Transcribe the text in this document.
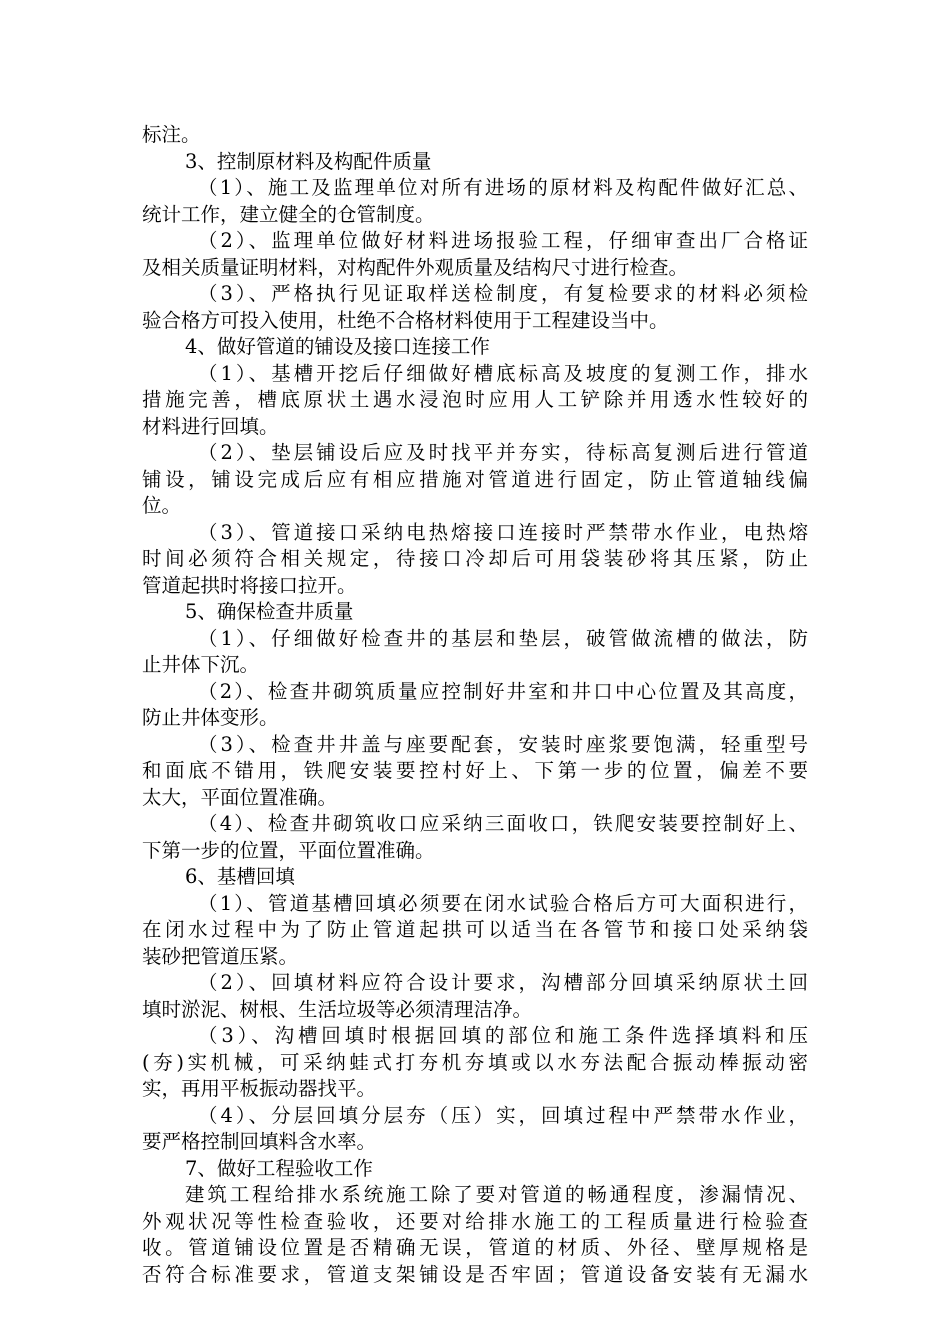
标注。
3、控制原材料及构配件质量
（1）、施工及监理单位对所有进场的原材料及构配件做好汇总、
统计工作，建立健全的仓管制度。
（2）、监理单位做好材料进场报验工程，仔细审查出厂合格证
及相关质量证明材料，对构配件外观质量及结构尺寸进行检查。
（3）、严格执行见证取样送检制度，有复检要求的材料必须检
验合格方可投入使用，杜绝不合格材料使用于工程建设当中。
4、做好管道的铺设及接口连接工作
（1）、基槽开挖后仔细做好槽底标高及坡度的复测工作，排水
措施完善，槽底原状土遇水浸泡时应用人工铲除并用透水性较好的
材料进行回填。
（2）、垫层铺设后应及时找平并夯实，待标高复测后进行管道
铺设，铺设完成后应有相应措施对管道进行固定，防止管道轴线偏
位。
（3）、管道接口采纳电热熔接口连接时严禁带水作业，电热熔
时间必须符合相关规定，待接口冷却后可用袋装砂将其压紧，防止
管道起拱时将接口拉开。
5、确保检查井质量
（1）、仔细做好检查井的基层和垫层，破管做流槽的做法，防
止井体下沉。
（2）、检查井砌筑质量应控制好井室和井口中心位置及其高度，
防止井体变形。
（3）、检查井井盖与座要配套，安装时座浆要饱满，轻重型号
和面底不错用，铁爬安装要控村好上、下第一步的位置，偏差不要
太大，平面位置准确。
（4）、检查井砌筑收口应采纳三面收口，铁爬安装要控制好上、
下第一步的位置，平面位置准确。
6、基槽回填
（1）、管道基槽回填必须要在闭水试验合格后方可大面积进行，
在闭水过程中为了防止管道起拱可以适当在各管节和接口处采纳袋
装砂把管道压紧。
（2）、回填材料应符合设计要求，沟槽部分回填采纳原状土回
填时淤泥、树根、生活垃圾等必须清理洁净。
（3）、沟槽回填时根据回填的部位和施工条件选择填料和压
(夯)实机械，可采纳蛙式打夯机夯填或以水夯法配合振动棒振动密
实，再用平板振动器找平。
（4）、分层回填分层夯（压）实，回填过程中严禁带水作业，
要严格控制回填料含水率。
7、做好工程验收工作
建筑工程给排水系统施工除了要对管道的畅通程度，渗漏情况、
外观状况等性检查验收，还要对给排水施工的工程质量进行检验查
收。管道铺设位置是否精确无误，管道的材质、外径、壁厚规格是
否符合标准要求，管道支架铺设是否牢固；管道设备安装有无漏水
